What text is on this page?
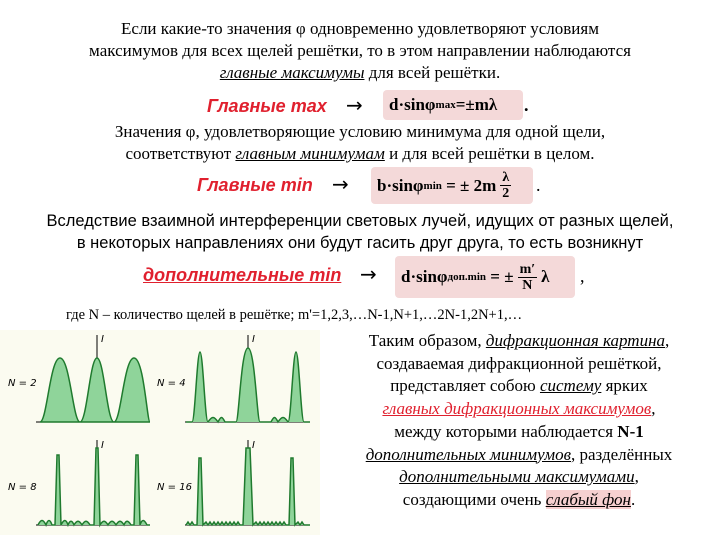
Если какие-то значения φ одновременно удовлетворяют условиям
максимумов для всех щелей решётки, то в этом направлении наблюдаются
главные максимумы для всей решётки.
Главные max → d·sinφ max =±mλ .
Значения φ, удовлетворяющие условию минимума для одной щели,
соответствуют главным минимумам и для всей решётки в целом.
Главные min → b·sinφ min
= ± $2m \frac{\lambda}{2}$ .
Вследствие взаимной интерференции световых лучей, идущих от разных щелей,
в некоторых направлениях они будут гасить друг друга, то есть возникнут
дополнительные min → d·sinφ доп.min
= ± $\frac{m'}{N}$ λ ,
где N – количество щелей в решётке; m'=1,2,3,…N-1,N+1,…2N-1,2N+1,…
N = 2
I
N = 4
I
N = 8
I
N = 16
I
Таким образом, дифракционная картина,
создаваемая дифракционной решёткой,
представляет собою систему ярких
главных дифракционных максимумов,
между которыми наблюдается N-1
дополнительных минимумов, разделённых
дополнительными максимумами,
создающими очень слабый фон.
